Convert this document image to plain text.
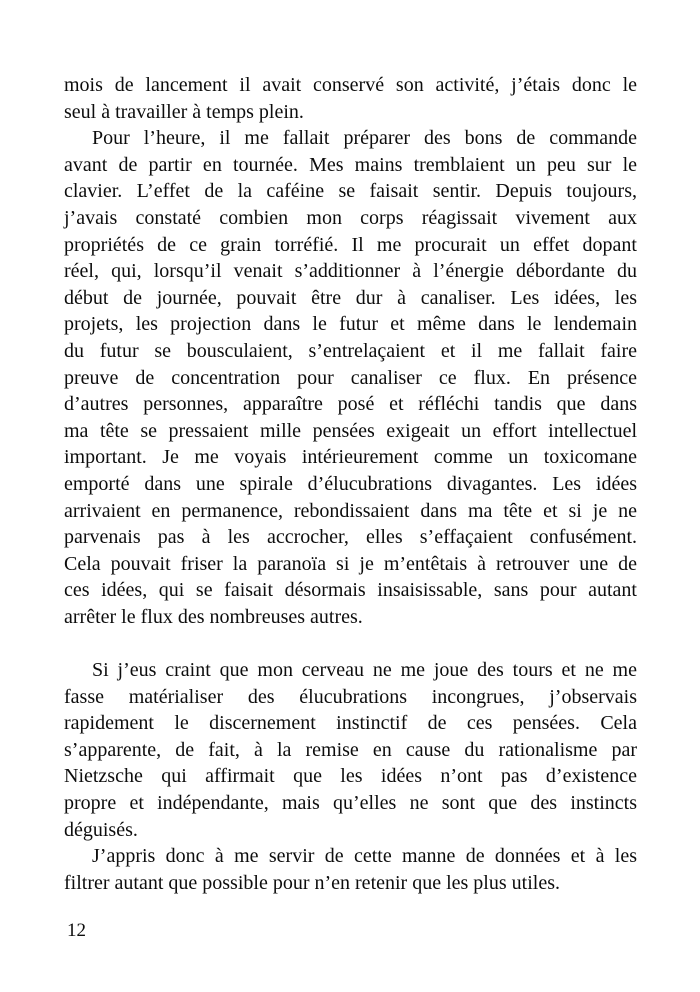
mois de lancement il avait conservé son activité, j’étais donc le
seul à travailler à temps plein.
Pour l’heure, il me fallait préparer des bons de commande
avant de partir en tournée. Mes mains tremblaient un peu sur le
clavier. L’effet de la caféine se faisait sentir. Depuis toujours,
j’avais constaté combien mon corps réagissait vivement aux
propriétés de ce grain torréfié. Il me procurait un effet dopant
réel, qui, lorsqu’il venait s’additionner à l’énergie débordante du
début de journée, pouvait être dur à canaliser. Les idées, les
projets, les projection dans le futur et même dans le lendemain
du futur se bousculaient, s’entrelaçaient et il me fallait faire
preuve de concentration pour canaliser ce flux. En présence
d’autres personnes, apparaître posé et réfléchi tandis que dans
ma tête se pressaient mille pensées exigeait un effort intellectuel
important. Je me voyais intérieurement comme un toxicomane
emporté dans une spirale d’élucubrations divagantes. Les idées
arrivaient en permanence, rebondissaient dans ma tête et si je ne
parvenais pas à les accrocher, elles s’effaçaient confusément.
Cela pouvait friser la paranoïa si je m’entêtais à retrouver une de
ces idées, qui se faisait désormais insaisissable, sans pour autant
arrêter le flux des nombreuses autres.
Si j’eus craint que mon cerveau ne me joue des tours et ne me
fasse matérialiser des élucubrations incongrues, j’observais
rapidement le discernement instinctif de ces pensées. Cela
s’apparente, de fait, à la remise en cause du rationalisme par
Nietzsche qui affirmait que les idées n’ont pas d’existence
propre et indépendante, mais qu’elles ne sont que des instincts
déguisés.
J’appris donc à me servir de cette manne de données et à les
filtrer autant que possible pour n’en retenir que les plus utiles.
12
